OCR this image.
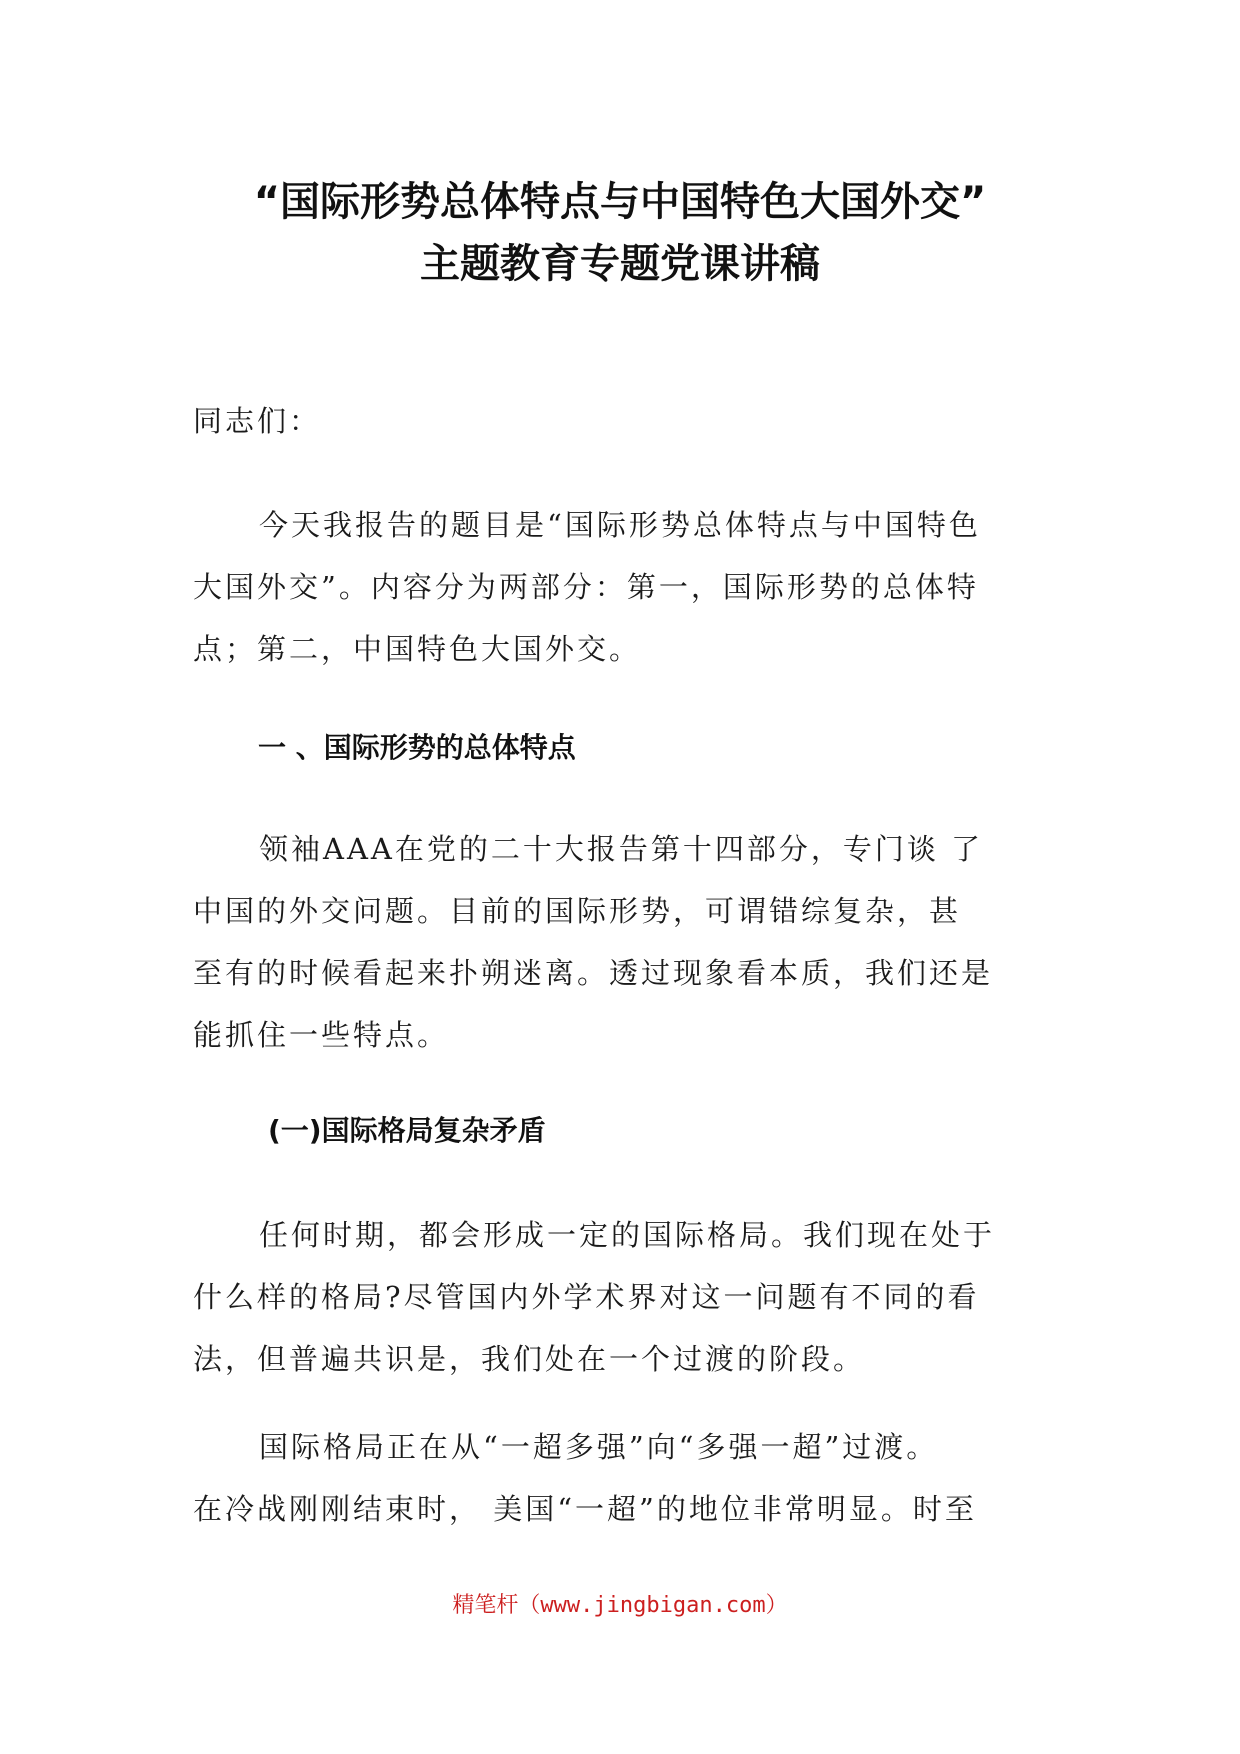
“国际形势总体特点与中国特色大国外交”
主题教育专题党课讲稿
同志们：
今天我报告的题目是“国际形势总体特点与中国特色
大国外交”。内容分为两部分：第一，国际形势的总体特
点；第二，中国特色大国外交。
一 、国际形势的总体特点
领袖AAA在党的二十大报告第十四部分，专门谈 了
中国的外交问题。目前的国际形势，可谓错综复杂，甚
至有的时候看起来扑朔迷离。透过现象看本质，我们还是
能抓住一些特点。
(一)国际格局复杂矛盾
任何时期，都会形成一定的国际格局。我们现在处于
什么样的格局?尽管国内外学术界对这一问题有不同的看
法，但普遍共识是，我们处在一个过渡的阶段。
国际格局正在从“一超多强”向“多强一超”过渡。
在冷战刚刚结束时， 美国“一超”的地位非常明显。时至
精笔杆（www.jingbigan.com）
